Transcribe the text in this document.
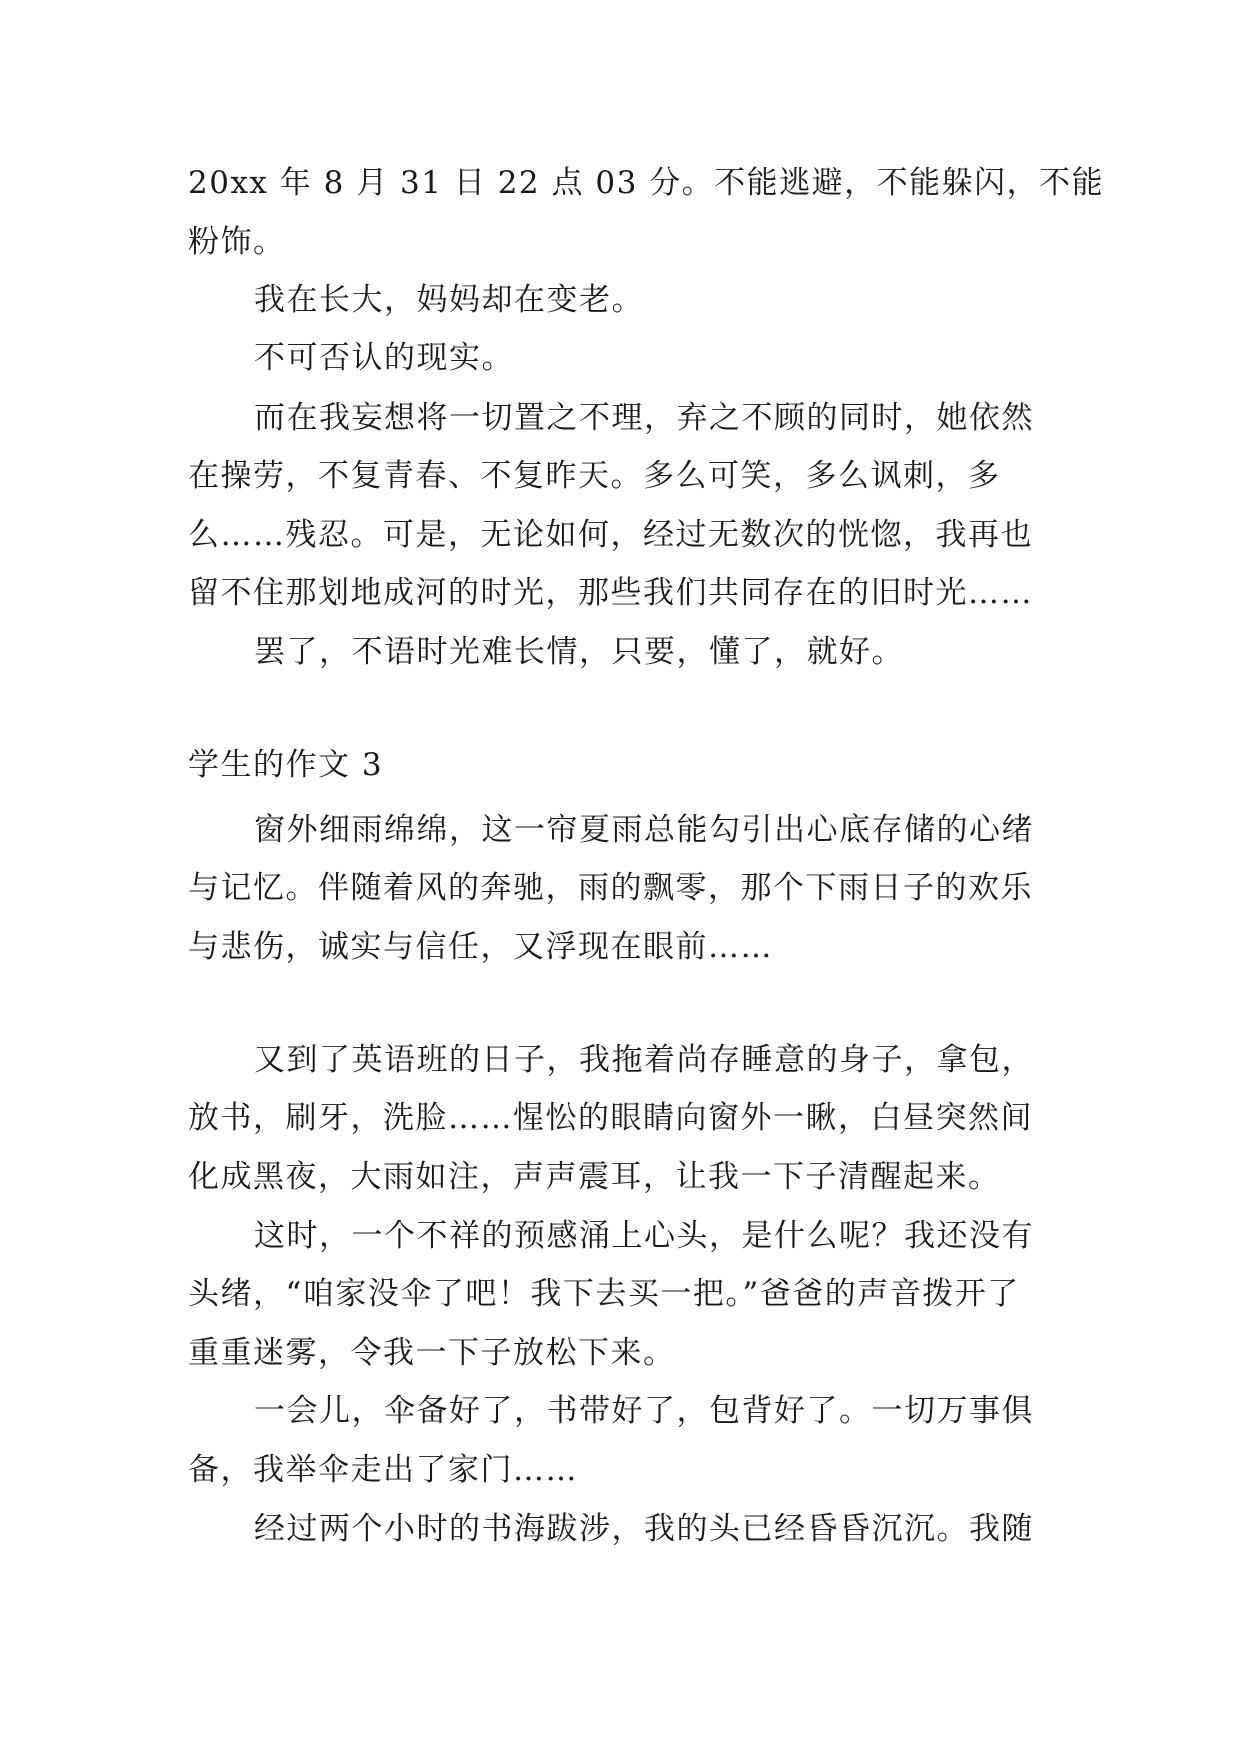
20xx 年 8 月 31 日 22 点 03 分。不能逃避，不能躲闪，不能
粉饰。
我在长大，妈妈却在变老。
不可否认的现实。
而在我妄想将一切置之不理，弃之不顾的同时，她依然
在操劳，不复青春、不复昨天。多么可笑，多么讽刺，多
么……残忍。可是，无论如何，经过无数次的恍惚，我再也
留不住那划地成河的时光，那些我们共同存在的旧时光……
罢了，不语时光难长情，只要，懂了，就好。
学生的作文 3
窗外细雨绵绵，这一帘夏雨总能勾引出心底存储的心绪
与记忆。伴随着风的奔驰，雨的飘零，那个下雨日子的欢乐
与悲伤，诚实与信任，又浮现在眼前……
又到了英语班的日子，我拖着尚存睡意的身子，拿包，
放书，刷牙，洗脸……惺忪的眼睛向窗外一瞅，白昼突然间
化成黑夜，大雨如注，声声震耳，让我一下子清醒起来。
这时，一个不祥的预感涌上心头，是什么呢？我还没有
头绪，“咱家没伞了吧！我下去买一把。”爸爸的声音拨开了
重重迷雾，令我一下子放松下来。
一会儿，伞备好了，书带好了，包背好了。一切万事俱
备，我举伞走出了家门……
经过两个小时的书海跋涉，我的头已经昏昏沉沉。我随
